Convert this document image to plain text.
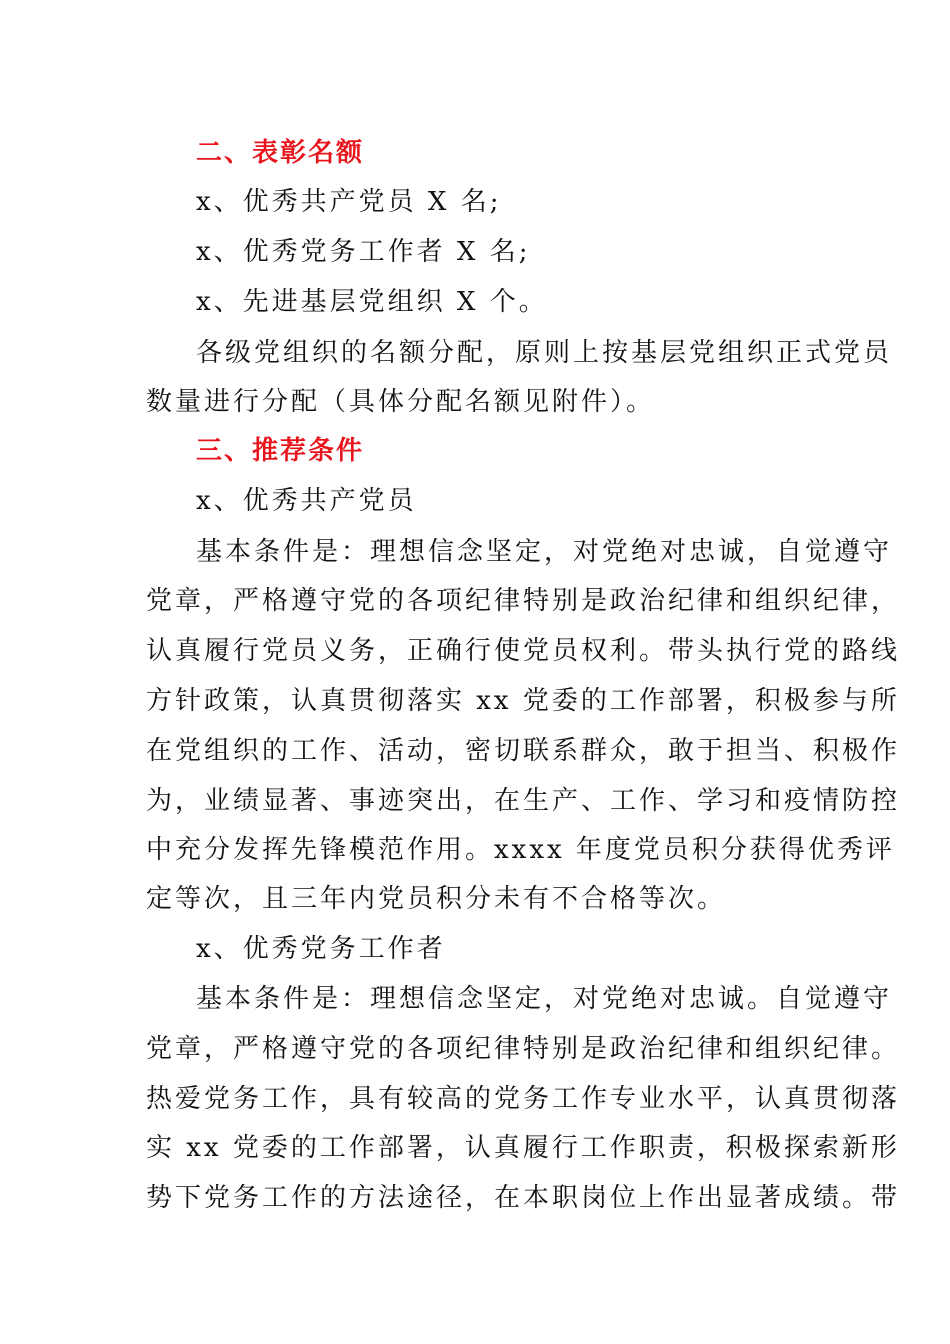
二、表彰名额
x、优秀共产党员 X 名;
x、优秀党务工作者 X 名;
x、先进基层党组织 X 个。
各级党组织的名额分配，原则上按基层党组织正式党员
数量进行分配（具体分配名额见附件）。
三、推荐条件
x、优秀共产党员
基本条件是：理想信念坚定，对党绝对忠诚，自觉遵守
党章，严格遵守党的各项纪律特别是政治纪律和组织纪律，
认真履行党员义务，正确行使党员权利。带头执行党的路线
方针政策，认真贯彻落实 xx 党委的工作部署，积极参与所
在党组织的工作、活动，密切联系群众，敢于担当、积极作
为，业绩显著、事迹突出，在生产、工作、学习和疫情防控
中充分发挥先锋模范作用。xxxx 年度党员积分获得优秀评
定等次，且三年内党员积分未有不合格等次。
x、优秀党务工作者
基本条件是：理想信念坚定，对党绝对忠诚。自觉遵守
党章，严格遵守党的各项纪律特别是政治纪律和组织纪律。
热爱党务工作，具有较高的党务工作专业水平，认真贯彻落
实 xx 党委的工作部署，认真履行工作职责，积极探索新形
势下党务工作的方法途径，在本职岗位上作出显著成绩。带
